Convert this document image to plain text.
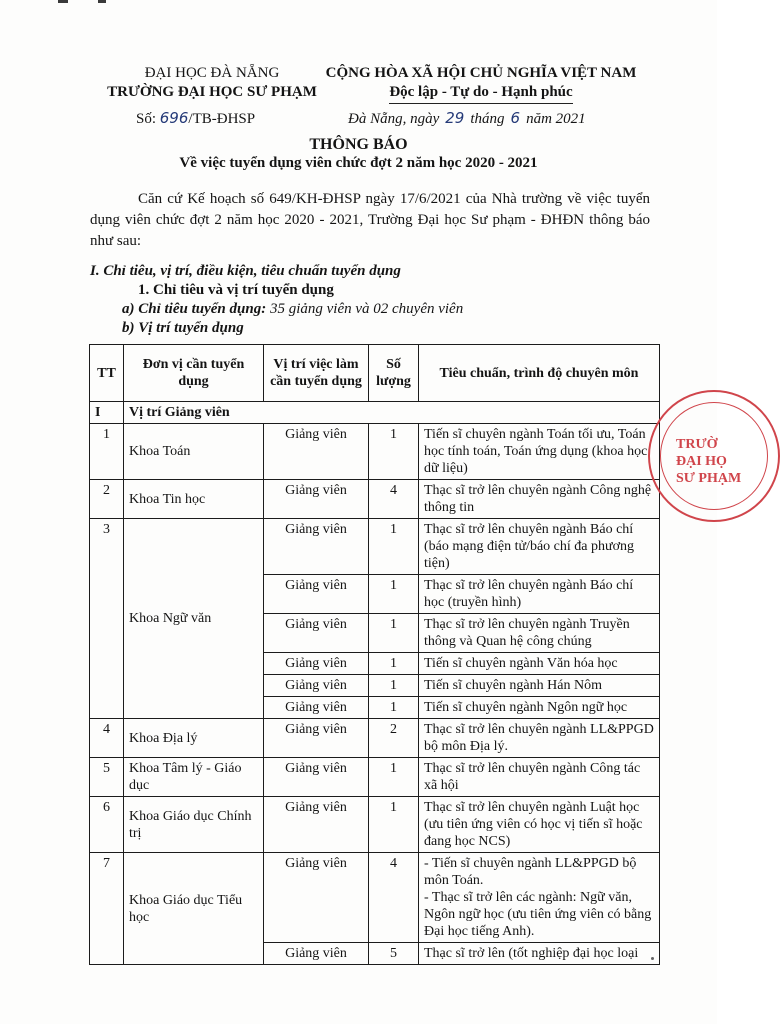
ĐẠI HỌC ĐÀ NẴNG
TRƯỜNG ĐẠI HỌC SƯ PHẠM
CỘNG HÒA XÃ HỘI CHỦ NGHĨA VIỆT NAM
Độc lập - Tự do - Hạnh phúc
Số: 696/TB-ĐHSP	Đà Nẵng, ngày 29 tháng 6 năm 2021
THÔNG BÁO
Về việc tuyển dụng viên chức đợt 2 năm học 2020 - 2021
Căn cứ Kế hoạch số 649/KH-ĐHSP ngày 17/6/2021 của Nhà trường về việc tuyển dụng viên chức đợt 2 năm học 2020 - 2021, Trường Đại học Sư phạm - ĐHĐN thông báo như sau:
I. Chỉ tiêu, vị trí, điều kiện, tiêu chuẩn tuyển dụng
1. Chỉ tiêu và vị trí tuyển dụng
a) Chỉ tiêu tuyển dụng: 35 giảng viên và 02 chuyên viên
b) Vị trí tuyển dụng
TT	Đơn vị cần tuyển dụng	Vị trí việc làm cần tuyển dụng	Số lượng	Tiêu chuẩn, trình độ chuyên môn
I	Vị trí Giảng viên			
1	Khoa Toán	Giảng viên	1	Tiến sĩ chuyên ngành Toán tối ưu, Toán học tính toán, Toán ứng dụng (khoa học dữ liệu)
2	Khoa Tin học	Giảng viên	4	Thạc sĩ trở lên chuyên ngành Công nghệ thông tin
3	Khoa Ngữ văn	Giảng viên	1	Thạc sĩ trở lên chuyên ngành Báo chí (báo mạng điện tử/báo chí đa phương tiện)
		Giảng viên	1	Thạc sĩ trở lên chuyên ngành Báo chí học (truyền hình)
		Giảng viên	1	Thạc sĩ trở lên chuyên ngành Truyền thông và Quan hệ công chúng
		Giảng viên	1	Tiến sĩ chuyên ngành Văn hóa học
		Giảng viên	1	Tiến sĩ chuyên ngành Hán Nôm
		Giảng viên	1	Tiến sĩ chuyên ngành Ngôn ngữ học
4	Khoa Địa lý	Giảng viên	2	Thạc sĩ trở lên chuyên ngành LL&PPGD bộ môn Địa lý.
5	Khoa Tâm lý - Giáo dục	Giảng viên	1	Thạc sĩ trở lên chuyên ngành Công tác xã hội
6	Khoa Giáo dục Chính trị	Giảng viên	1	Thạc sĩ trở lên chuyên ngành Luật học (ưu tiên ứng viên có học vị tiến sĩ hoặc đang học NCS)
7	Khoa Giáo dục Tiểu học	Giảng viên	4	- Tiến sĩ chuyên ngành LL&PPGD bộ môn Toán.
- Thạc sĩ trở lên các ngành: Ngữ văn, Ngôn ngữ học (ưu tiên ứng viên có bằng Đại học tiếng Anh).

		Giảng viên	5	Thạc sĩ trở lên (tốt nghiệp đại học loại
TRƯỜ
ĐẠI HỌ
SƯ PHẠM
